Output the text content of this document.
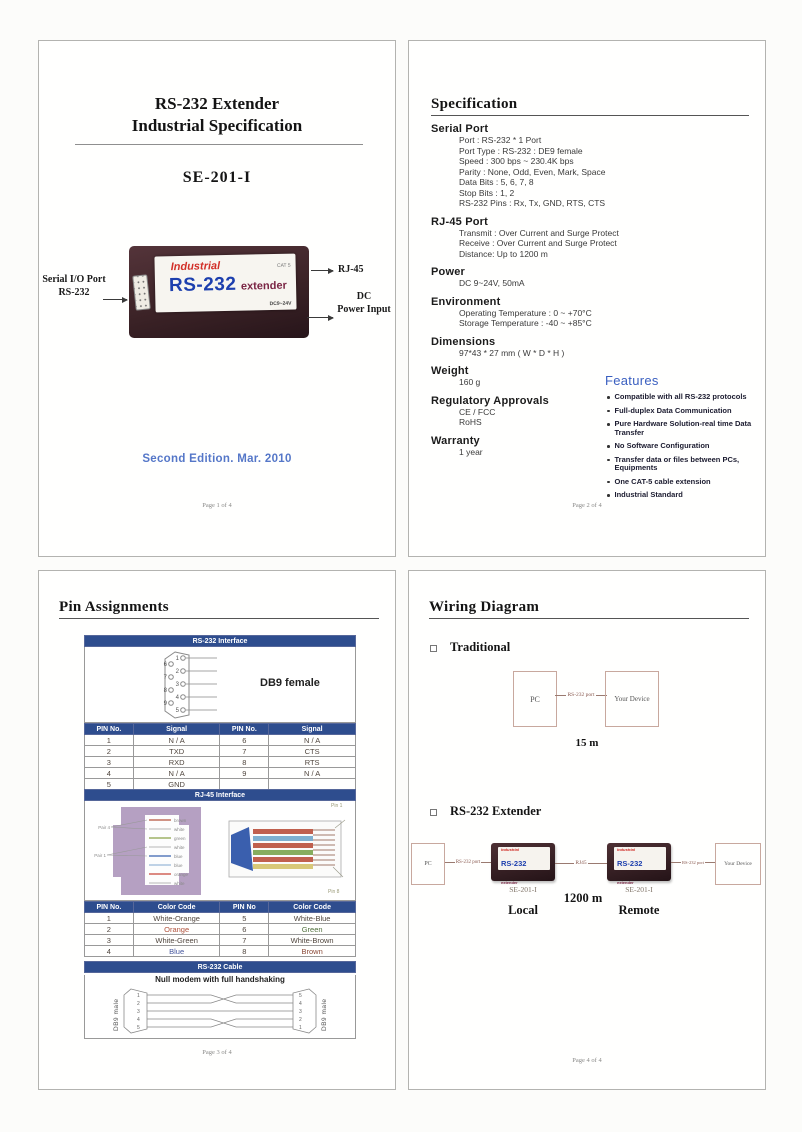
RS-232 Extender
Industrial Specification
SE-201-I
Industrial	CAT 5
RS-232 extender
DC9~24V
Serial I/O Port
RS-232
RJ-45
DC
Power Input
Second Edition. Mar. 2010
Page 1 of 4
Specification
Serial Port
Port : RS-232 * 1 Port
Port Type : RS-232 : DE9 female
Speed : 300 bps ~ 230.4K bps
Parity : None, Odd, Even, Mark, Space
Data Bits : 5, 6, 7, 8
Stop Bits : 1, 2
RS-232 Pins : Rx, Tx, GND, RTS, CTS
RJ-45 Port
Transmit : Over Current and Surge Protect
Receive : Over Current and Surge Protect
Distance: Up to 1200 m
Power
DC 9~24V, 50mA
Environment
Operating Temperature : 0 ~ +70°C
Storage Temperature : -40 ~ +85°C
Dimensions
97*43 * 27 mm ( W * D * H )
Weight
160 g
Regulatory Approvals
CE / FCC
RoHS
Warranty
1 year
Features
Compatible with all RS-232 protocols
Full-duplex Data Communication
Pure Hardware Solution-real time Data Transfer
No Software Configuration
Transfer data or files between PCs, Equipments
One CAT-5 cable extension
Industrial Standard
Page 2 of 4
Pin Assignments
RS-232 Interface
1
2
3
4
5
6
7
8
9
DB9 female
PIN No.	Signal	PIN No.	Signal
1	N / A	6	N / A
2	TXD	7	CTS
3	RXD	8	RTS
4	N / A	9	N / A
5	GND		
RJ-45 Interface
brown
white
green
white
blue
blue
orange
white
Pair 4
Pair 1
Pin 1
Pin 8
PIN No.	Color Code	PIN No	Color Code
1	White-Orange	5	White-Blue
2	Orange	6	Green
3	White-Green	7	White-Brown
4	Blue	8	Brown
RS-232 Cable
Null modem with full handshaking
DB9 male	DB9 male
1
2
3
4
5
5
4
3
2
1
Page 3 of 4
Wiring Diagram
Traditional
PC	RS-232 port	Your Device
15 m
RS-232 Extender
PC	RS-232 port
Industrial
RS-232 extender
RJ45
Industrial
RS-232 extender
RS-232 port	Your Device
SE-201-I	SE-201-I
1200 m
Local	Remote
Page 4 of 4
